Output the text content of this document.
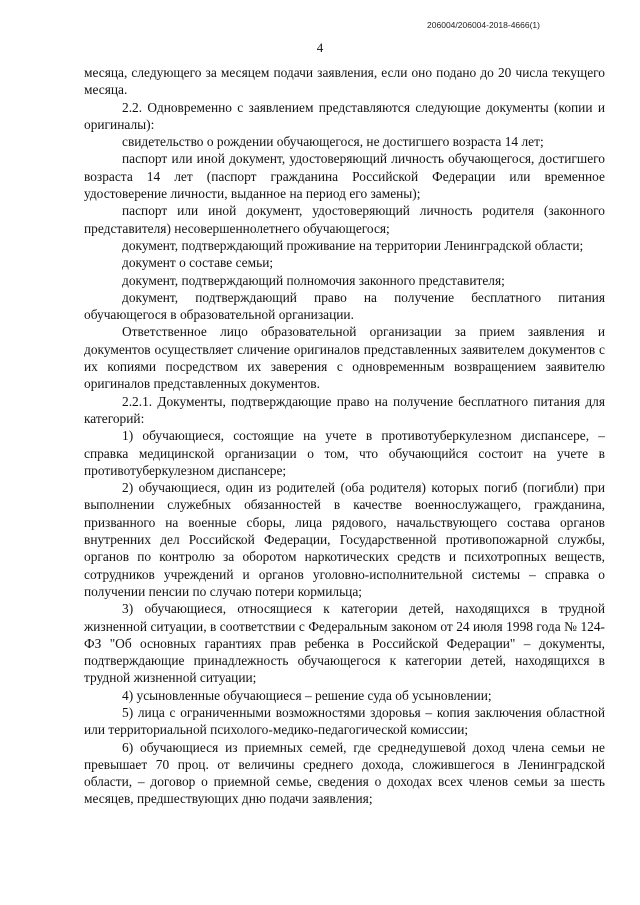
206004/206004-2018-4666(1)
4

месяца, следующего за месяцем подачи заявления, если оно подано до 20 числа текущего месяца.

2.2. Одновременно с заявлением представляются следующие документы (копии и оригиналы):

свидетельство о рождении обучающегося, не достигшего возраста 14 лет;

паспорт или иной документ, удостоверяющий личность обучающегося, достигшего возраста 14 лет (паспорт гражданина Российской Федерации или временное удостоверение личности, выданное на период его замены);

паспорт или иной документ, удостоверяющий личность родителя (законного представителя) несовершеннолетнего обучающегося;

документ, подтверждающий проживание на территории Ленинградской области;

документ о составе семьи;

документ, подтверждающий полномочия законного представителя;

документ, подтверждающий право на получение бесплатного питания обучающегося в образовательной организации.

Ответственное лицо образовательной организации за прием заявления и документов осуществляет сличение оригиналов представленных заявителем документов с их копиями посредством их заверения с одновременным возвращением заявителю оригиналов представленных документов.

2.2.1. Документы, подтверждающие право на получение бесплатного питания для категорий:

1) обучающиеся, состоящие на учете в противотуберкулезном диспансере, – справка медицинской организации о том, что обучающийся состоит на учете в противотуберкулезном диспансере;

2) обучающиеся, один из родителей (оба родителя) которых погиб (погибли) при выполнении служебных обязанностей в качестве военнослужащего, гражданина, призванного на военные сборы, лица рядового, начальствующего состава органов внутренних дел Российской Федерации, Государственной противопожарной службы, органов по контролю за оборотом наркотических средств и психотропных веществ, сотрудников учреждений и органов уголовно-исполнительной системы – справка о получении пенсии по случаю потери кормильца;

3) обучающиеся, относящиеся к категории детей, находящихся в трудной жизненной ситуации, в соответствии с Федеральным законом от 24 июля 1998 года № 124-ФЗ "Об основных гарантиях прав ребенка в Российской Федерации" – документы, подтверждающие принадлежность обучающегося к категории детей, находящихся в трудной жизненной ситуации;

4) усыновленные обучающиеся – решение суда об усыновлении;

5) лица с ограниченными возможностями здоровья – копия заключения областной или территориальной психолого-медико-педагогической комиссии;

6) обучающиеся из приемных семей, где среднедушевой доход члена семьи не превышает 70 проц. от величины среднего дохода, сложившегося в Ленинградской области, – договор о приемной семье, сведения о доходах всех членов семьи за шесть месяцев, предшествующих дню подачи заявления;
